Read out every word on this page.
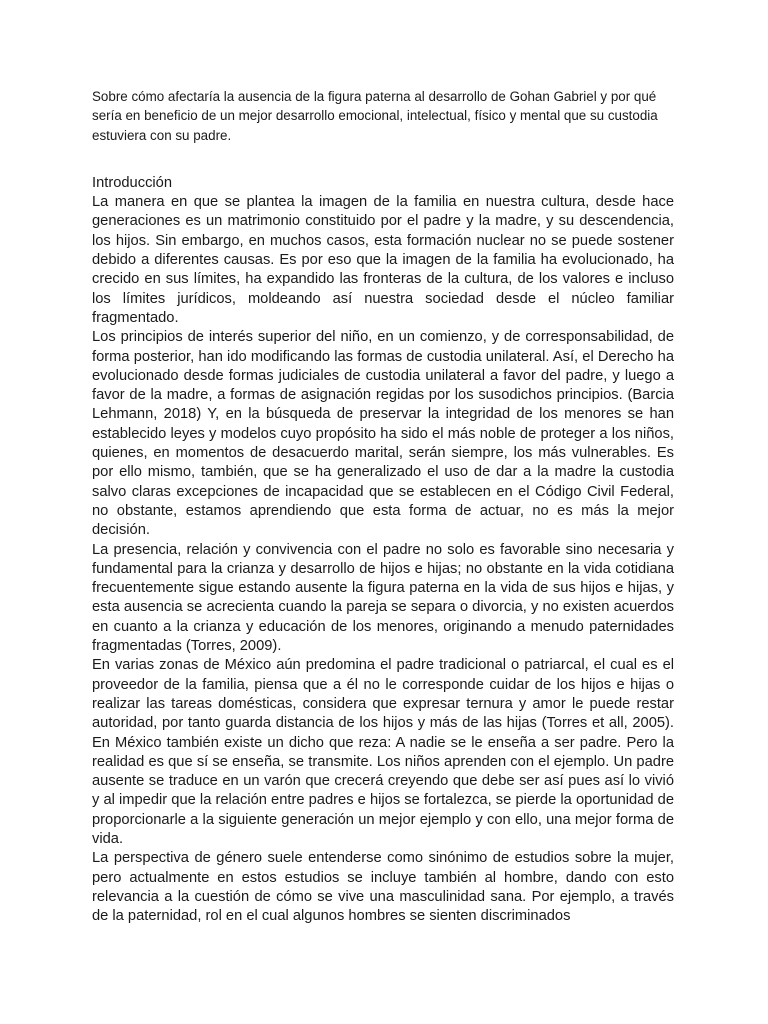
Sobre cómo afectaría la ausencia de la figura paterna al desarrollo de Gohan Gabriel y por qué sería en beneficio de un mejor desarrollo emocional, intelectual, físico y mental que su custodia estuviera con su padre.

Introducción

La manera en que se plantea la imagen de la familia en nuestra cultura, desde hace generaciones es un matrimonio constituido por el padre y la madre, y su descendencia, los hijos. Sin embargo, en muchos casos, esta formación nuclear no se puede sostener debido a diferentes causas. Es por eso que la imagen de la familia ha evolucionado, ha crecido en sus límites, ha expandido las fronteras de la cultura, de los valores e incluso los límites jurídicos, moldeando así nuestra sociedad desde el núcleo familiar fragmentado.

Los principios de interés superior del niño, en un comienzo, y de corresponsabilidad, de forma posterior, han ido modificando las formas de custodia unilateral. Así, el Derecho ha evolucionado desde formas judiciales de custodia unilateral a favor del padre, y luego a favor de la madre, a formas de asignación regidas por los susodichos principios. (Barcia Lehmann, 2018) Y, en la búsqueda de preservar la integridad de los menores se han establecido leyes y modelos cuyo propósito ha sido el más noble de proteger a los niños, quienes, en momentos de desacuerdo marital, serán siempre, los más vulnerables. Es por ello mismo, también, que se ha generalizado el uso de dar a la madre la custodia salvo claras excepciones de incapacidad que se establecen en el Código Civil Federal, no obstante, estamos aprendiendo que esta forma de actuar, no es más la mejor decisión.

La presencia, relación y convivencia con el padre no solo es favorable sino necesaria y fundamental para la crianza y desarrollo de hijos e hijas; no obstante en la vida cotidiana frecuentemente sigue estando ausente la figura paterna en la vida de sus hijos e hijas, y esta ausencia se acrecienta cuando la pareja se separa o divorcia, y no existen acuerdos en cuanto a la crianza y educación de los menores, originando a menudo paternidades fragmentadas (Torres, 2009).

En varias zonas de México aún predomina el padre tradicional o patriarcal, el cual es el proveedor de la familia, piensa que a él no le corresponde cuidar de los hijos e hijas o realizar las tareas domésticas, considera que expresar ternura y amor le puede restar autoridad, por tanto guarda distancia de los hijos y más de las hijas (Torres et all, 2005). En México también existe un dicho que reza: A nadie se le enseña a ser padre. Pero la realidad es que sí se enseña, se transmite. Los niños aprenden con el ejemplo. Un padre ausente se traduce en un varón que crecerá creyendo que debe ser así pues así lo vivió y al impedir que la relación entre padres e hijos se fortalezca, se pierde la oportunidad de proporcionarle a la siguiente generación un mejor ejemplo y con ello, una mejor forma de vida.

La perspectiva de género suele entenderse como sinónimo de estudios sobre la mujer, pero actualmente en estos estudios se incluye también al hombre, dando con esto relevancia a la cuestión de cómo se vive una masculinidad sana. Por ejemplo, a través de la paternidad, rol en el cual algunos hombres se sienten discriminados
